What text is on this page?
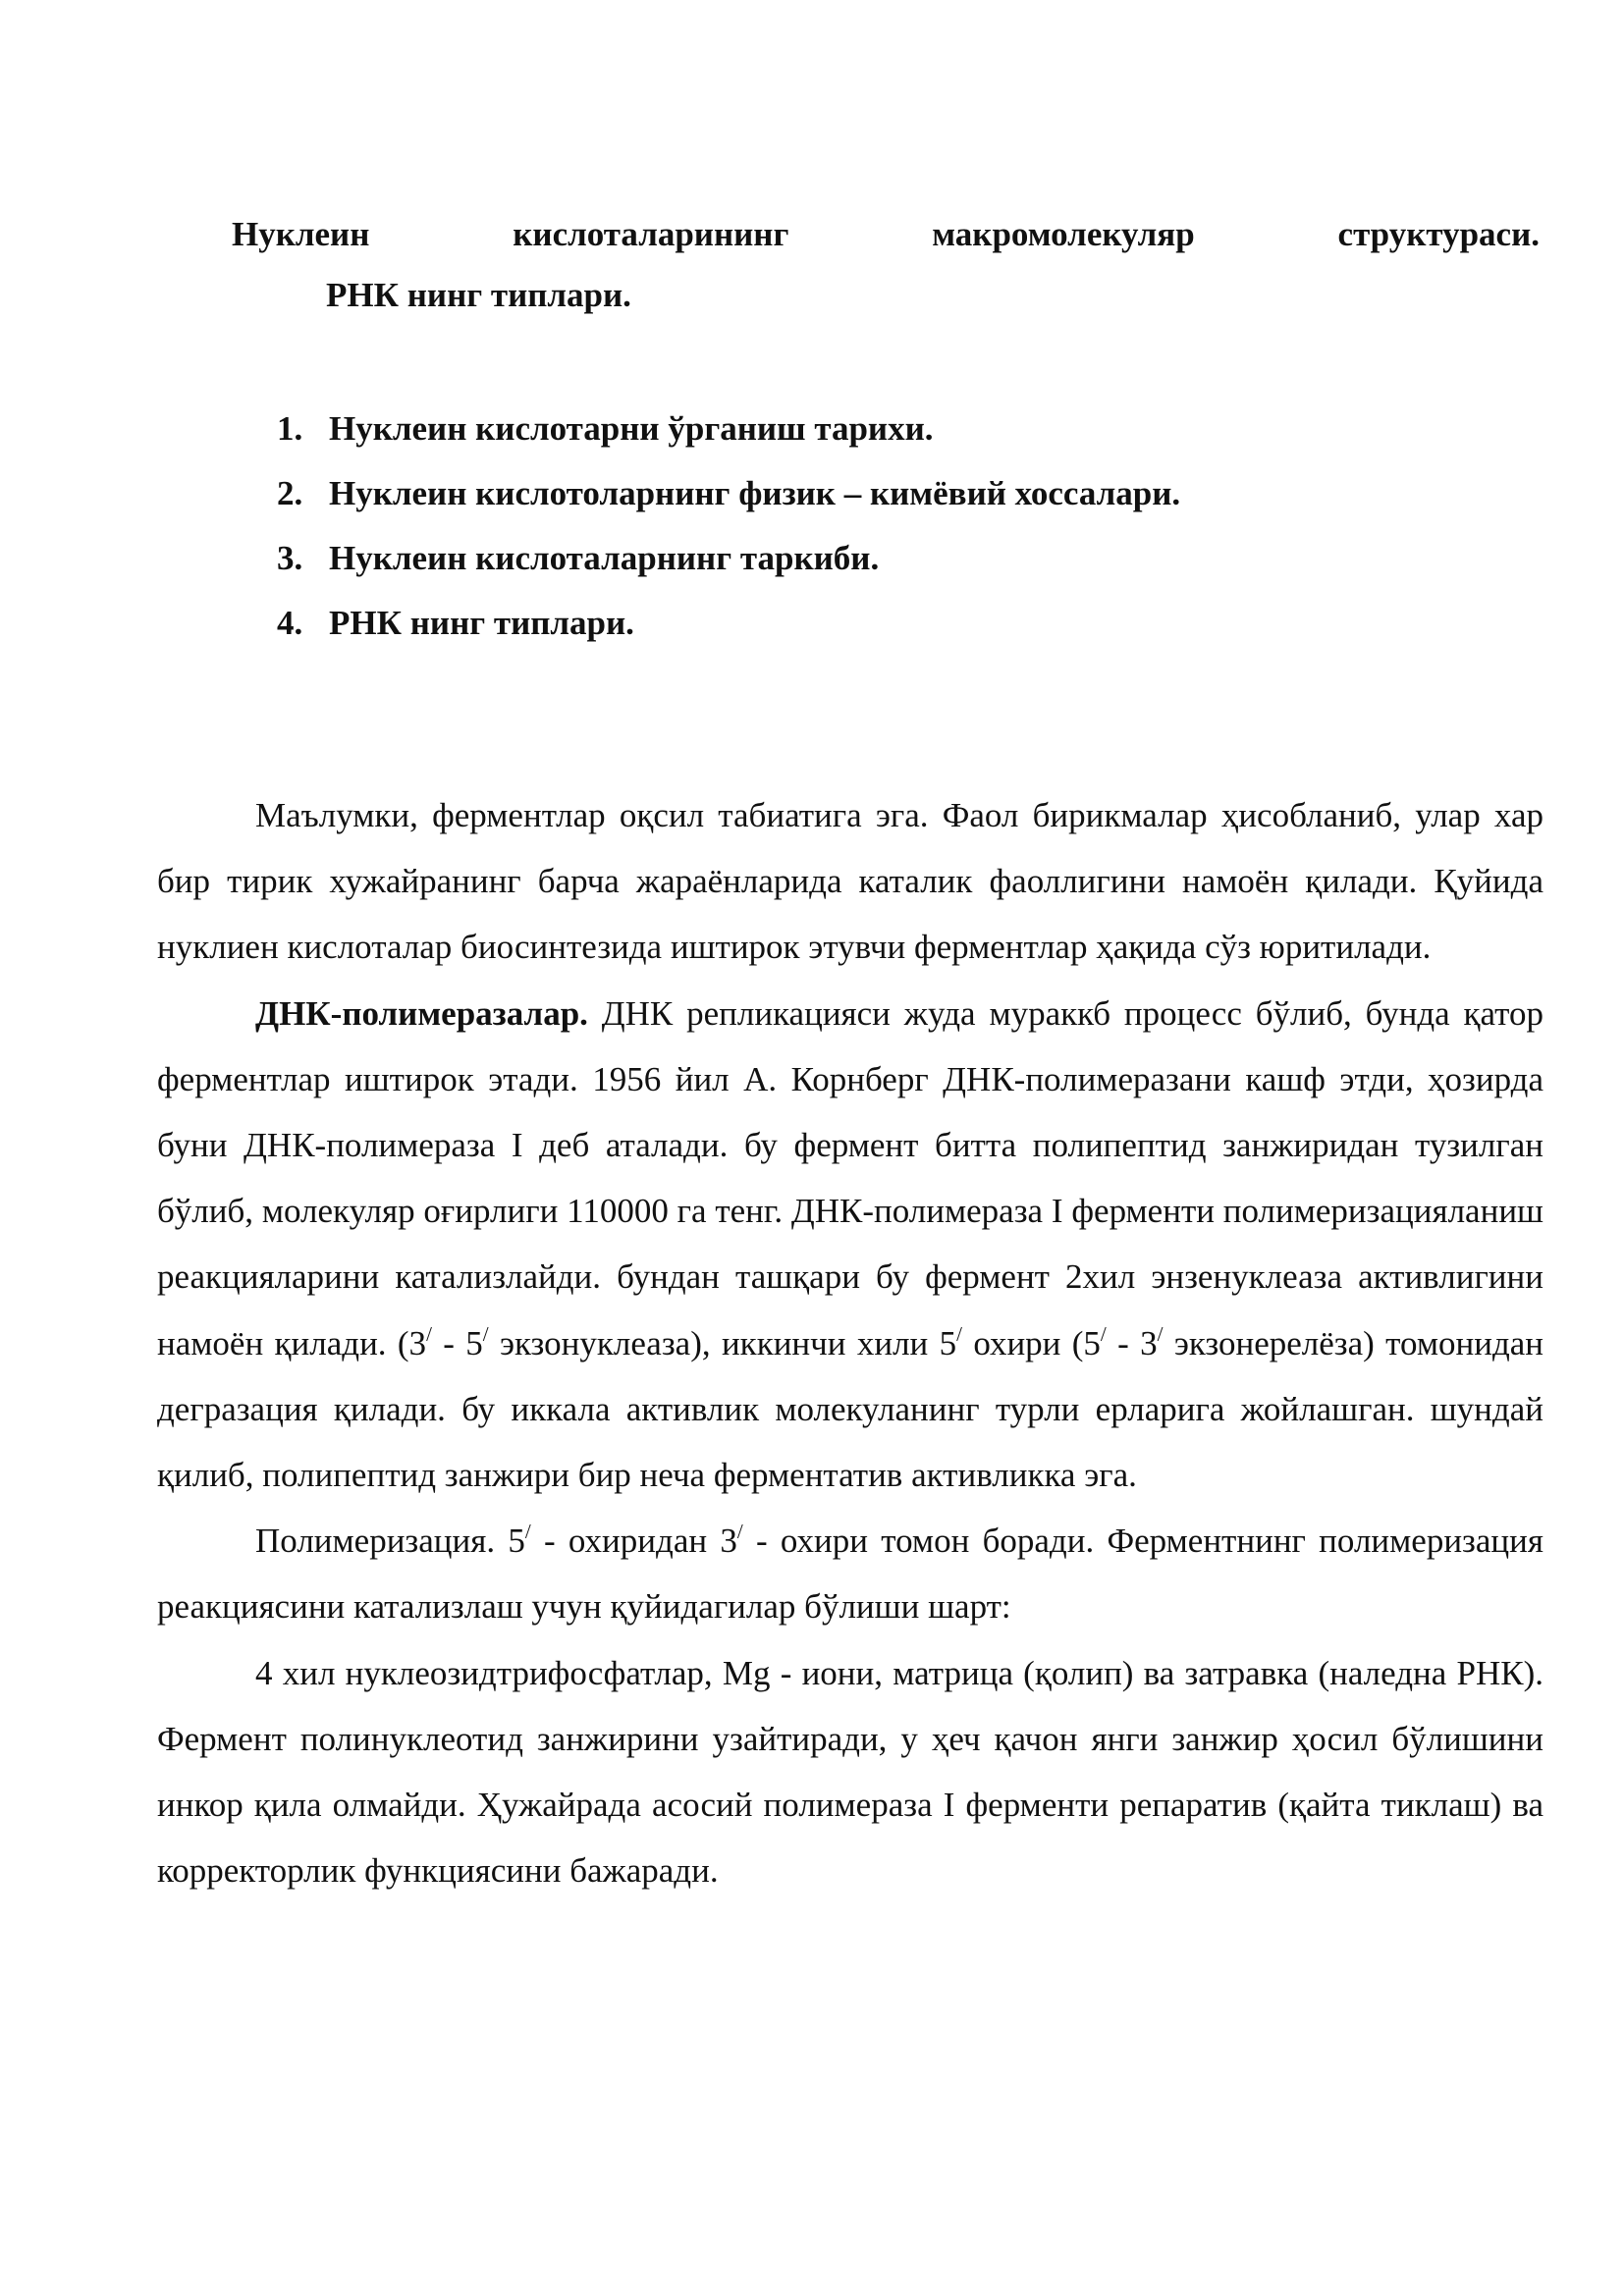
Нуклеин	кислоталарининг	макромолекуляр	структураси.
РНК нинг типлари.
1. Нуклеин кислотарни ўрганиш тарихи.
2. Нуклеин кислотоларнинг физик – кимёвий хоссалари.
3. Нуклеин кислоталарнинг таркиби.
4. РНК нинг типлари.

Маълумки, ферментлар оқсил табиатига эга. Фаол бирикмалар ҳисобланиб, улар хар бир тирик хужайранинг барча жараёнларида каталик фаоллигини намоён қилади. Қуйида нуклиен кислоталар биосинтезида иштирок этувчи ферментлар ҳақида сўз юритилади.

ДНК-полимеразалар. ДНК репликацияси жуда мураккб процесс бўлиб, бунда қатор ферментлар иштирок этади. 1956 йил А. Корнберг ДНК-полимеразани кашф этди, ҳозирда буни ДНК-полимераза I деб аталади. бу фермент битта полипептид занжиридан тузилган бўлиб, молекуляр оғирлиги 110000 га тенг. ДНК-полимераза I ферменти полимеризацияланиш реакцияларини катализлайди. бундан ташқари бу фермент 2хил энзенуклеаза активлигини намоён қилади. (3/ - 5/ экзонуклеаза), иккинчи хили 5/ охири (5/ - 3/ экзонерелёза) томонидан дегразация қилади. бу иккала активлик молекуланинг турли ерларига жойлашган. шундай қилиб, полипептид занжири бир неча ферментатив активликка эга.

Полимеризация. 5/ - охиридан 3/ - охири томон боради. Ферментнинг полимеризация реакциясини катализлаш учун қуйидагилар бўлиши шарт:

4 хил нуклеозидтрифосфатлар, Mg - иони, матрица (қолип) ва затравка (наледна РНК). Фермент полинуклеотид занжирини узайтиради, у ҳеч қачон янги занжир ҳосил бўлишини инкор қила олмайди. Ҳужайрада асосий полимераза I ферменти репаратив (қайта тиклаш) ва корректорлик функциясини бажаради.
